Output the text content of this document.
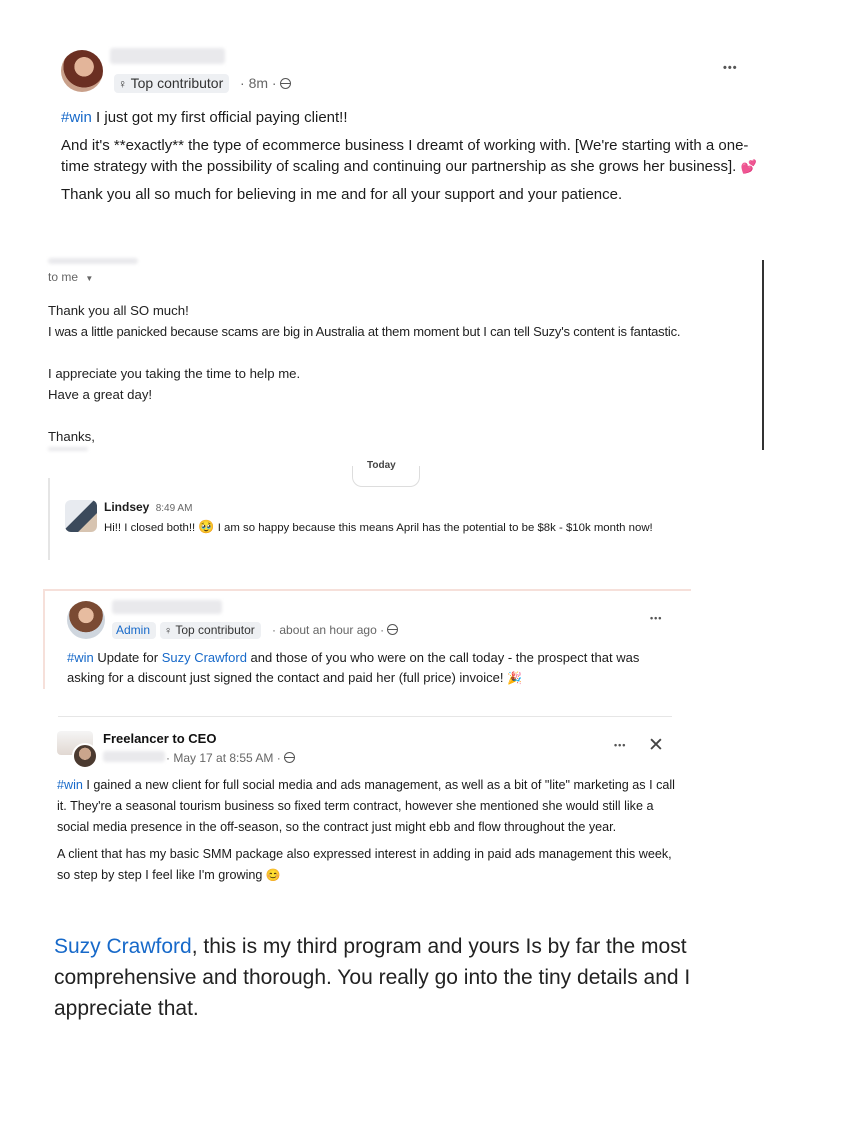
♀ Top contributor	· 8m ·
•••

#win I just got my first official paying client!!

And it's **exactly** the type of ecommerce business I dreamt of working with. [We're starting with a one-time strategy with the possibility of scaling and continuing our partnership as she grows her business]. 💕

Thank you all so much for believing in me and for all your support and your patience.

to me ▼

Thank you all SO much!

I was a little panicked because scams are big in Australia at them moment but I can tell Suzy's content is fantastic.

I appreciate you taking the time to help me.

Have a great day!

Thanks,

Today
Lindsey 8:49 AM
Hi!! I closed both!! 🥹 I am so happy because this means April has the potential to be $8k - $10k month now!
Admin	♀ Top contributor	· about an hour ago ·
•••
#win Update for Suzy Crawford and those of you who were on the call today - the prospect that was asking for a discount just signed the contact and paid her (full price) invoice! 🎉
Freelancer to CEO
· May 17 at 8:55 AM ·
••• ✕

#win I gained a new client for full social media and ads management, as well as a bit of "lite" marketing as I call it. They're a seasonal tourism business so fixed term contract, however she mentioned she would still like a social media presence in the off-season, so the contract just might ebb and flow throughout the year.

A client that has my basic SMM package also expressed interest in adding in paid ads management this week, so step by step I feel like I'm growing 😊

Suzy Crawford, this is my third program and yours Is by far the most comprehensive and thorough. You really go into the tiny details and I appreciate that.
